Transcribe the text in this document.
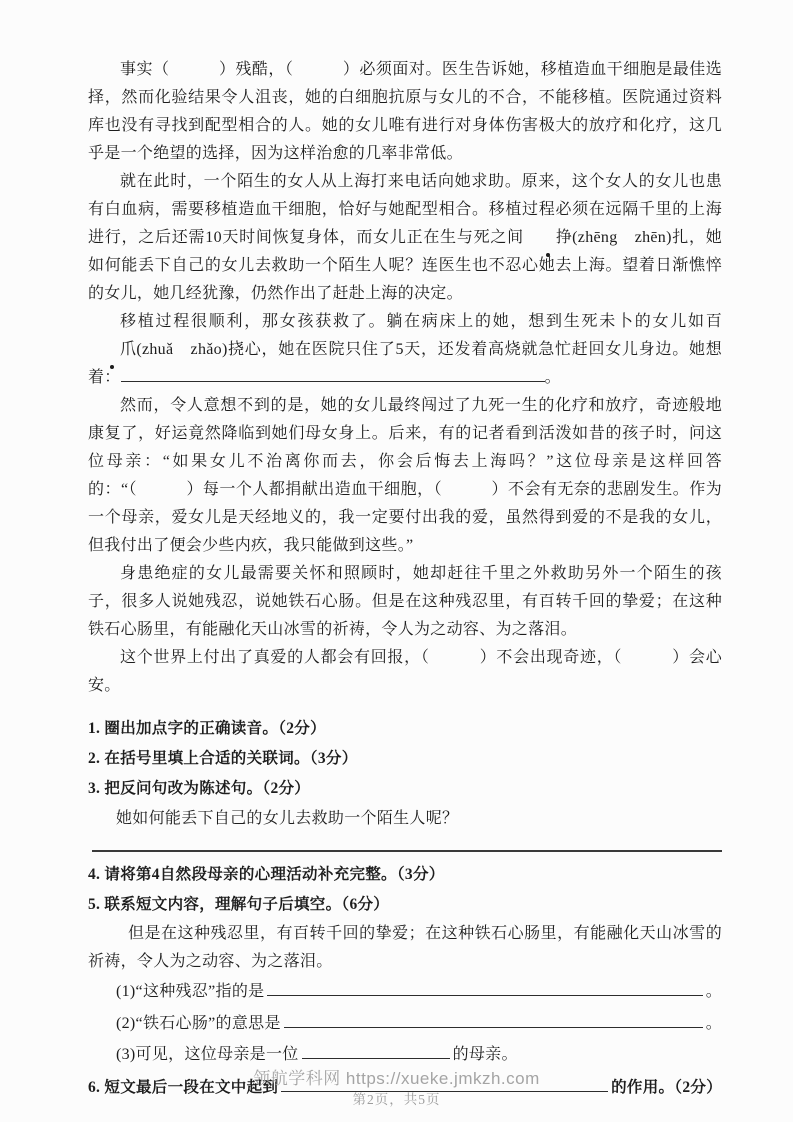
事实（　　　）残酷，（　　　）必须面对。医生告诉她，移植造血干细胞是最佳选择，然而化验结果令人沮丧，她的白细胞抗原与女儿的不合，不能移植。医院通过资料库也没有寻找到配型相合的人。她的女儿唯有进行对身体伤害极大的放疗和化疗，这几乎是一个绝望的选择，因为这样治愈的几率非常低。

就在此时，一个陌生的女人从上海打来电话向她求助。原来，这个女人的女儿也患有白血病，需要移植造血干细胞，恰好与她配型相合。移植过程必须在远隔千里的上海进行，之后还需10天时间恢复身体，而女儿正在生与死之间 挣(zhēng　zhēn)扎，她如何能丢下自己的女儿去救助一个陌生人呢？连医生也不忍心她去上海。望着日渐憔悴的女儿，她几经犹豫，仍然作出了赶赴上海的决定。

移植过程很顺利，那女孩获救了。躺在病床上的她，想到生死未卜的女儿如百爪(zhuǎ　zhǎo)挠心，她在医院只住了5天，还发着高烧就急忙赶回女儿身边。她想着：	。

然而，令人意想不到的是，她的女儿最终闯过了九死一生的化疗和放疗，奇迹般地康复了，好运竟然降临到她们母女身上。后来，有的记者看到活泼如昔的孩子时，问这位母亲：“如果女儿不治离你而去，你会后悔去上海吗？”这位母亲是这样回答的：“（　　　）每一个人都捐献出造血干细胞，（　　　）不会有无奈的悲剧发生。作为一个母亲，爱女儿是天经地义的，我一定要付出我的爱，虽然得到爱的不是我的女儿，但我付出了便会少些内疚，我只能做到这些。”

身患绝症的女儿最需要关怀和照顾时，她却赶往千里之外救助另外一个陌生的孩子，很多人说她残忍，说她铁石心肠。但是在这种残忍里，有百转千回的挚爱；在这种铁石心肠里，有能融化天山冰雪的祈祷，令人为之动容、为之落泪。

这个世界上付出了真爱的人都会有回报，（　　　）不会出现奇迹，（　　　）会心安。

1. 圈出加点字的正确读音。（2分）

2. 在括号里填上合适的关联词。（3分）

3. 把反问句改为陈述句。（2分）

她如何能丢下自己的女儿去救助一个陌生人呢？

4. 请将第4自然段母亲的心理活动补充完整。（3分）

5. 联系短文内容，理解句子后填空。（6分）

但是在这种残忍里，有百转千回的挚爱；在这种铁石心肠里，有能融化天山冰雪的祈祷，令人为之动容、为之落泪。

(1)“这种残忍”指的是	。
(2)“铁石心肠”的意思是	。

(3)可见，这位母亲是一位	的母亲。

6. 短文最后一段在文中起到	的作用。（2分）
领航学科网 https://xueke.jmkzh.com
第2页，共5页
